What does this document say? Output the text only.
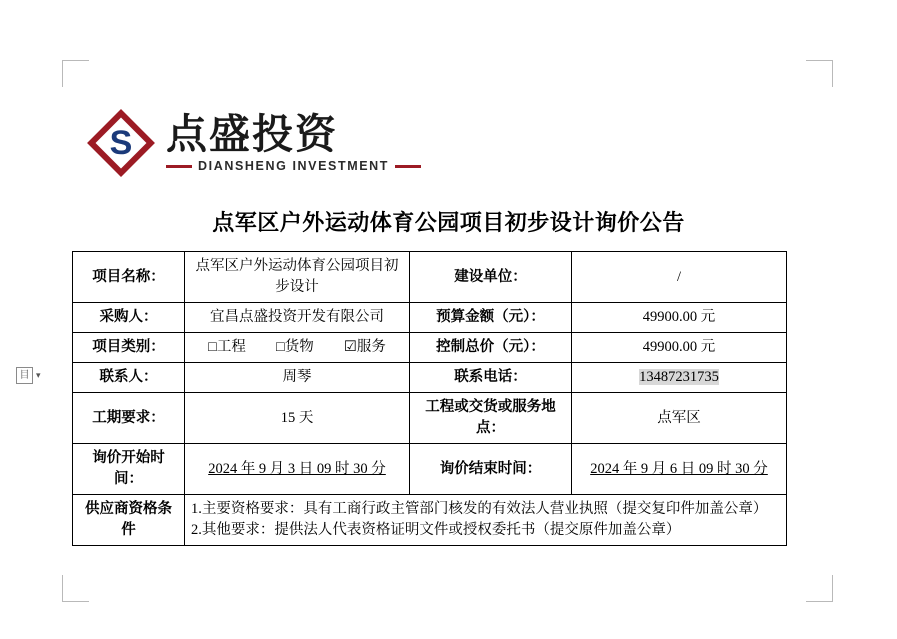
目 ▾
S 点盛投资
DIANSHENG INVESTMENT
点军区户外运动体育公园项目初步设计询价公告
项目名称：	点军区户外运动体育公园项目初步设计	建设单位：	/
采购人：	宜昌点盛投资开发有限公司	预算金额（元）：	49900.00 元
项目类别：	□工程 □货物 ☑服务	控制总价（元）：	49900.00 元
联系人：	周琴	联系电话：	13487231735
工期要求：	15 天	工程或交货或服务地点：	点军区
询价开始时间：	2024 年 9 月 3 日 09 时 30 分	询价结束时间：	2024 年 9 月 6 日 09 时 30 分
供应商资格条件	1.主要资格要求：具有工商行政主管部门核发的有效法人营业执照（提交复印件加盖公章）
2.其他要求：提供法人代表资格证明文件或授权委托书（提交原件加盖公章）		
